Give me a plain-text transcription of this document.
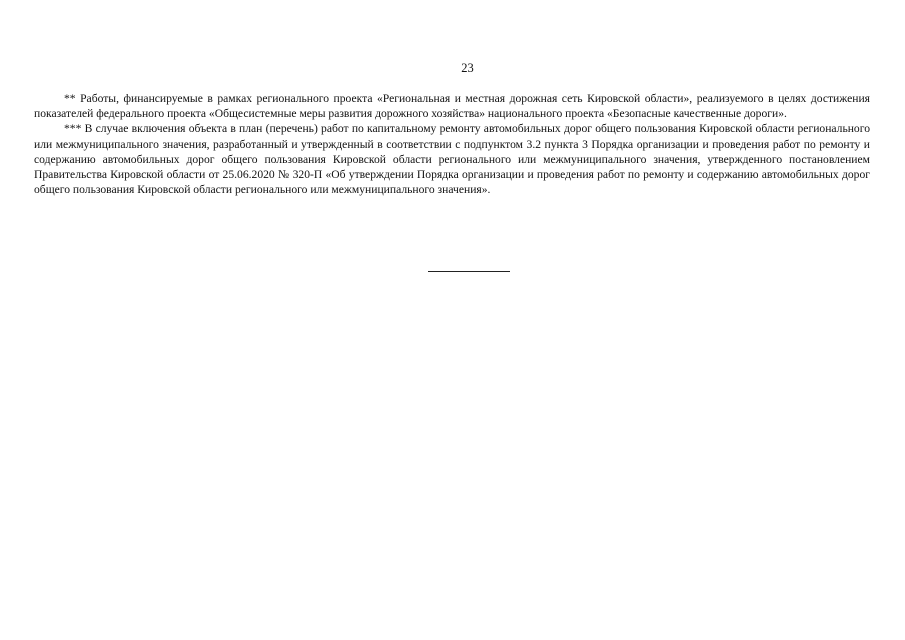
23

** Работы, финансируемые в рамках регионального проекта «Региональная и местная дорожная сеть Кировской области», реализуемого в целях достижения показателей федерального проекта «Общесистемные меры развития дорожного хозяйства» национального проекта «Безопасные качественные дороги».

*** В случае включения объекта в план (перечень) работ по капитальному ремонту автомобильных дорог общего пользования Кировской области регионального или межмуниципального значения, разработанный и утвержденный в соответствии с подпунктом 3.2 пункта 3 Порядка организации и проведения работ по ремонту и содержанию автомобильных дорог общего пользования Кировской области регионального или межмуниципального значения, утвержденного постановлением Правительства Кировской области от 25.06.2020 № 320-П «Об утверждении Порядка организации и проведения работ по ремонту и содержанию автомобильных дорог общего пользования Кировской области регионального или межмуниципального значения».
